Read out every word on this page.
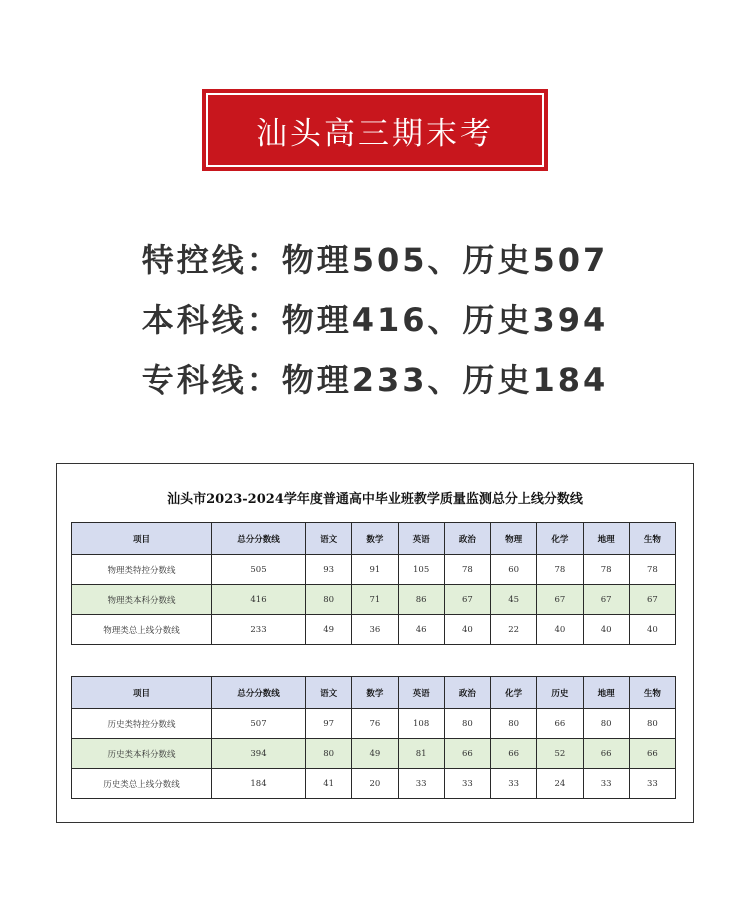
汕头高三期末考
特控线：物理505、历史507
本科线：物理416、历史394
专科线：物理233、历史184
汕头市2023-2024学年度普通高中毕业班教学质量监测总分上线分数线
项目	总分分数线	语文	数学	英语	政治	物理	化学	地理	生物
物理类特控分数线	505	93	91	105	78	60	78	78	78
物理类本科分数线	416	80	71	86	67	45	67	67	67
物理类总上线分数线	233	49	36	46	40	22	40	40	40
项目	总分分数线	语文	数学	英语	政治	化学	历史	地理	生物
历史类特控分数线	507	97	76	108	80	80	66	80	80
历史类本科分数线	394	80	49	81	66	66	52	66	66
历史类总上线分数线	184	41	20	33	33	33	24	33	33
